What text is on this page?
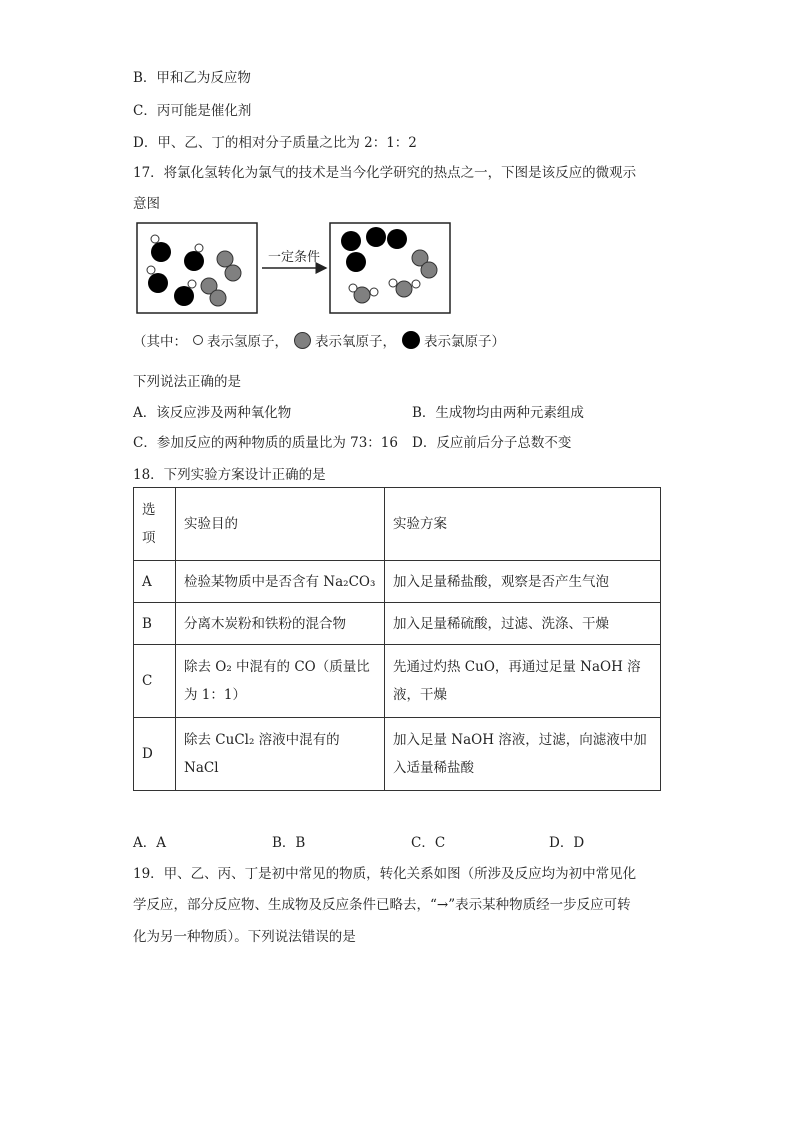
B．甲和乙为反应物
C．丙可能是催化剂
D．甲、乙、丁的相对分子质量之比为 2：1：2
17．将氯化氢转化为氯气的技术是当今化学研究的热点之一，下图是该反应的微观示
意图
一定条件
（其中： 表示氢原子， 表示氧原子， 表示氯原子）
下列说法正确的是
A．该反应涉及两种氧化物	B．生成物均由两种元素组成
C．参加反应的两种物质的质量比为 73：16 D．反应前后分子总数不变
18．下列实验方案设计正确的是
选项	实验目的	实验方案
A	检验某物质中是否含有 Na₂CO₃	加入足量稀盐酸，观察是否产生气泡
B	分离木炭粉和铁粉的混合物	加入足量稀硫酸，过滤、洗涤、干燥
C	除去 O₂ 中混有的 CO（质量比为 1：1）	先通过灼热 CuO，再通过足量 NaOH 溶液，干燥
D	除去 CuCl₂ 溶液中混有的 NaCl	加入足量 NaOH 溶液，过滤，向滤液中加入适量稀盐酸
A．A	B．B	C．C	D．D
19．甲、乙、丙、丁是初中常见的物质，转化关系如图（所涉及反应均为初中常见化
学反应，部分反应物、生成物及反应条件已略去，“→”表示某种物质经一步反应可转
化为另一种物质）。下列说法错误的是
